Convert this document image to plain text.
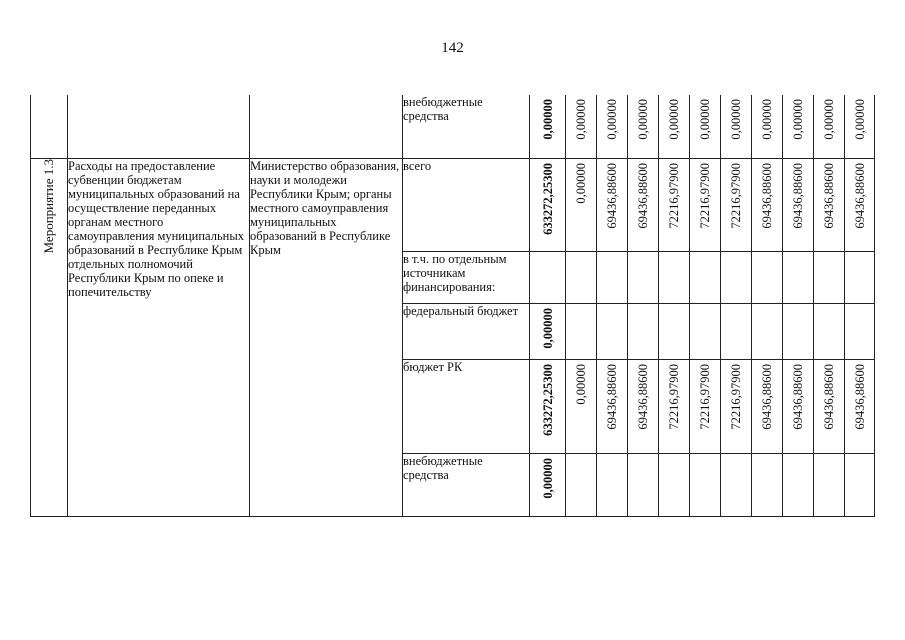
142
			внебюджетные средства	0,00000	0,00000	0,00000	0,00000	0,00000	0,00000	0,00000	0,00000	0,00000	0,00000	0,00000
Мероприятие 1.3	Расходы на предоставление субвенции бюджетам муниципальных образований на осуществление переданных органам местного самоуправления муниципальных образований в Республике Крым отдельных полномочий Республики Крым по опеке и попечительству	Министерство образования, науки и молодежи Республики Крым; органы местного самоуправления муниципальных образований в Республике Крым	всего	633272,25300	0,00000	69436,88600	69436,88600	72216,97900	72216,97900	72216,97900	69436,88600	69436,88600	69436,88600	69436,88600
			в т.ч. по отдельным источникам финансирования:											
			федеральный бюджет	0,00000										
			бюджет РК	633272,25300	0,00000	69436,88600	69436,88600	72216,97900	72216,97900	72216,97900	69436,88600	69436,88600	69436,88600	69436,88600
			внебюджетные средства	0,00000										
